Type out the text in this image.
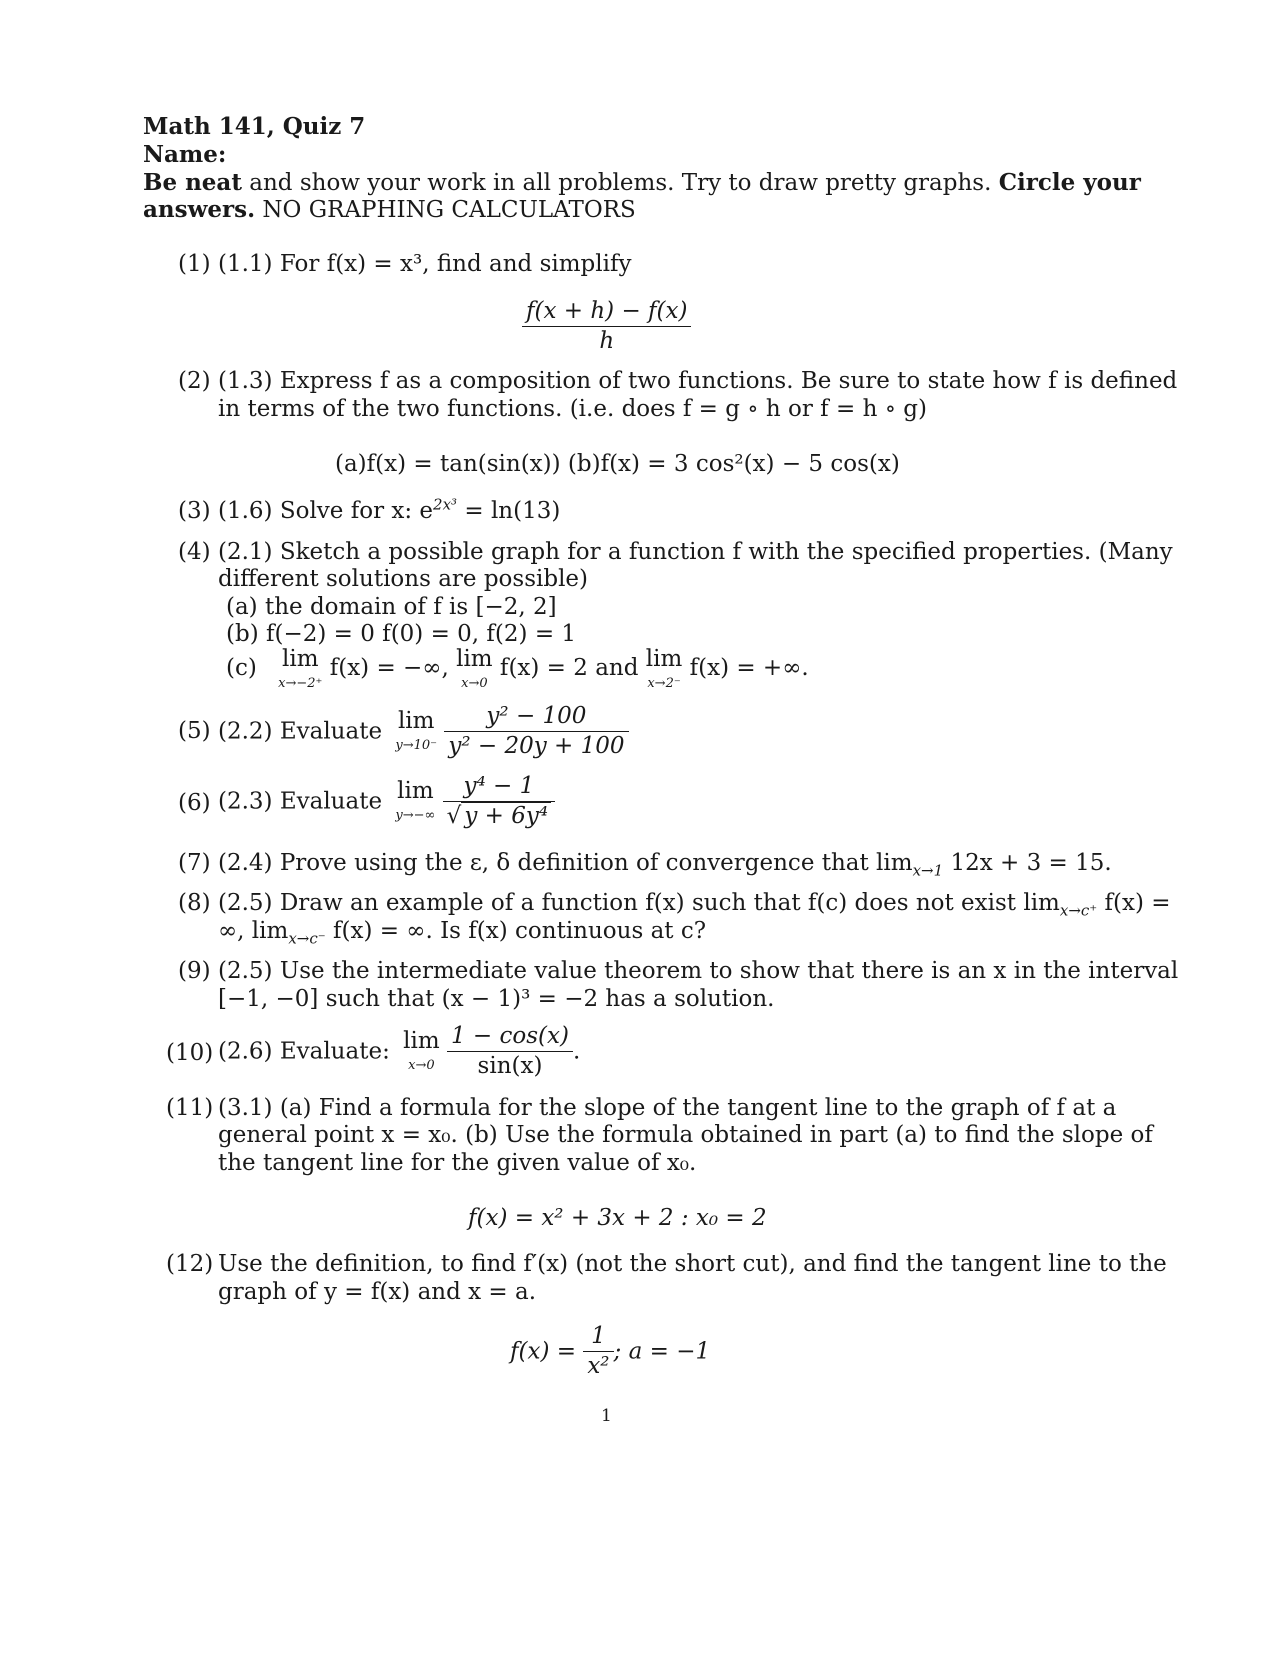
Math 141, Quiz 7
Name:
Be neat and show your work in all problems. Try to draw pretty graphs. Circle your
answers. NO GRAPHING CALCULATORS
(1) (1.1) For f(x) = x³, find and simplify
$\frac{f(x + h) - f(x)}{h}$
(2) (1.3) Express f as a composition of two functions. Be sure to state how f is defined
in terms of the two functions. (i.e. does f = g ∘ h or f = h ∘ g)
(a)f(x) = tan(sin(x)) (b)f(x) = 3 cos²(x) − 5 cos(x)
(3) (1.6) Solve for x: $e^{2x^3} = \ln(13)$
(4) (2.1) Sketch a possible graph for a function f with the specified properties. (Many
different solutions are possible)
(a) the domain of f is [−2, 2]
(b) f(−2) = 0 f(0) = 0, f(2) = 1
(c) lim
x→−2⁺
f(x) = −∞, lim
x→0
f(x) = 2 and lim
x→2⁻
f(x) = +∞.
(5) (2.2) Evaluate lim
y→10⁻
$\frac{\text{y² − 100}}{\text{y² − 20y + 100}}$
(6) (2.3) Evaluate lim
y→−∞
$\frac{\text{y⁴ − 1}}{\text{√ y + 6y⁴}}$
(7) (2.4) Prove using the ε, δ definition of convergence that $\lim_{x\to 1} 12x + 3 = 15$.
(8) (2.5) Draw an example of a function f(x) such that f(c) does not exist $\lim_{x\to c^+} f(x)$ =
∞, $\lim_{x\to c^-} f(x)$ = ∞. Is f(x) continuous at c?
(9) (2.5) Use the intermediate value theorem to show that there is an x in the interval
[−1, −0] such that (x − 1)³ = −2 has a solution.
(10) (2.6) Evaluate: lim
x→0
$\frac{1 - \cos(x)}{\sin(x)}$ .
(11) (3.1) (a) Find a formula for the slope of the tangent line to the graph of f at a
general point x = x₀. (b) Use the formula obtained in part (a) to find the slope of
the tangent line for the given value of x₀.
f(x) = x² + 3x + 2 : x₀ = 2
(12) Use the definition, to find f′(x) (not the short cut), and find the tangent line to the
graph of y = f(x) and x = a.
$f(x) = \frac{1}{\text{x²}}$ ; a = −1
1
